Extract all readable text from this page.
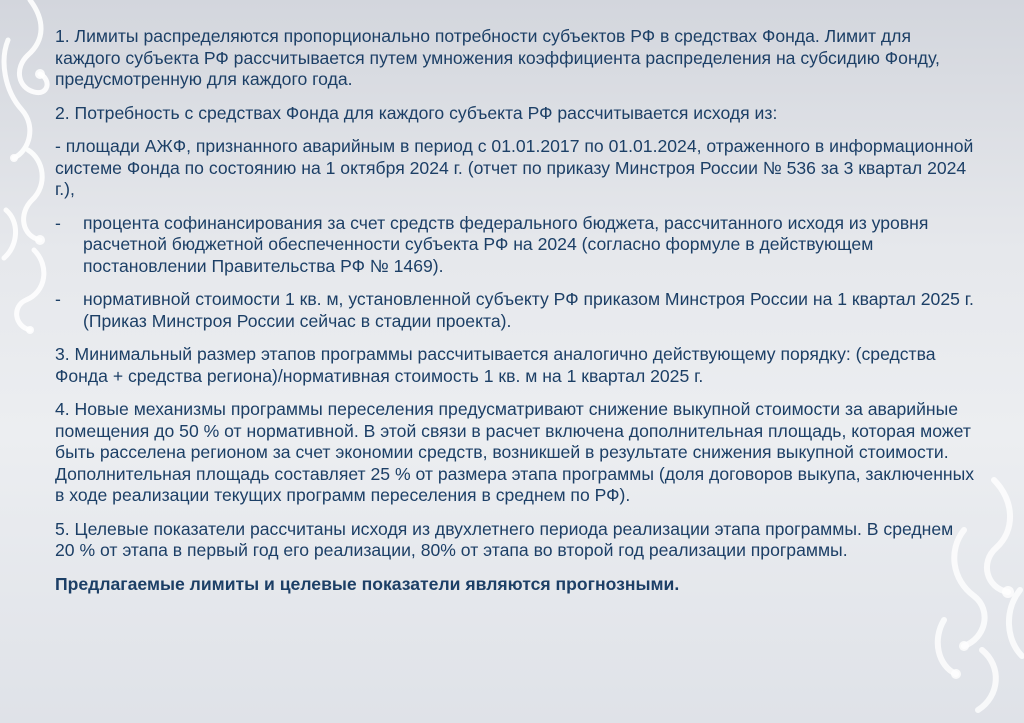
1. Лимиты распределяются пропорционально потребности субъектов РФ в средствах Фонда. Лимит для каждого субъекта РФ рассчитывается путем умножения коэффициента распределения на субсидию Фонду, предусмотренную для каждого года.

2. Потребность с средствах Фонда для каждого субъекта РФ рассчитывается исходя из:

- площади АЖФ, признанного аварийным в период с 01.01.2017 по 01.01.2024, отраженного в информационной системе Фонда по состоянию на 1 октября 2024 г. (отчет по приказу Минстроя России № 536 за 3 квартал 2024 г.),

-	процента софинансирования за счет средств федерального бюджета, рассчитанного исходя из уровня расчетной бюджетной обеспеченности субъекта РФ на 2024 (согласно формуле в действующем постановлении Правительства РФ № 1469).
-	нормативной стоимости 1 кв. м, установленной субъекту РФ приказом Минстроя России на 1 квартал 2025 г. (Приказ Минстроя России сейчас в стадии проекта).

3. Минимальный размер этапов программы рассчитывается аналогично действующему порядку: (средства Фонда + средства региона)/нормативная стоимость 1 кв. м на 1 квартал 2025 г.

4. Новые механизмы программы переселения предусматривают снижение выкупной стоимости за аварийные помещения до 50 % от нормативной. В этой связи в расчет включена дополнительная площадь, которая может быть расселена регионом за счет экономии средств, возникшей в результате снижения выкупной стоимости. Дополнительная площадь составляет 25 % от размера этапа программы (доля договоров выкупа, заключенных в ходе реализации текущих программ переселения в среднем по РФ).

5. Целевые показатели рассчитаны исходя из двухлетнего периода реализации этапа программы. В среднем 20 % от этапа в первый год его реализации, 80% от этапа во второй год реализации программы.

Предлагаемые лимиты и целевые показатели являются прогнозными.
